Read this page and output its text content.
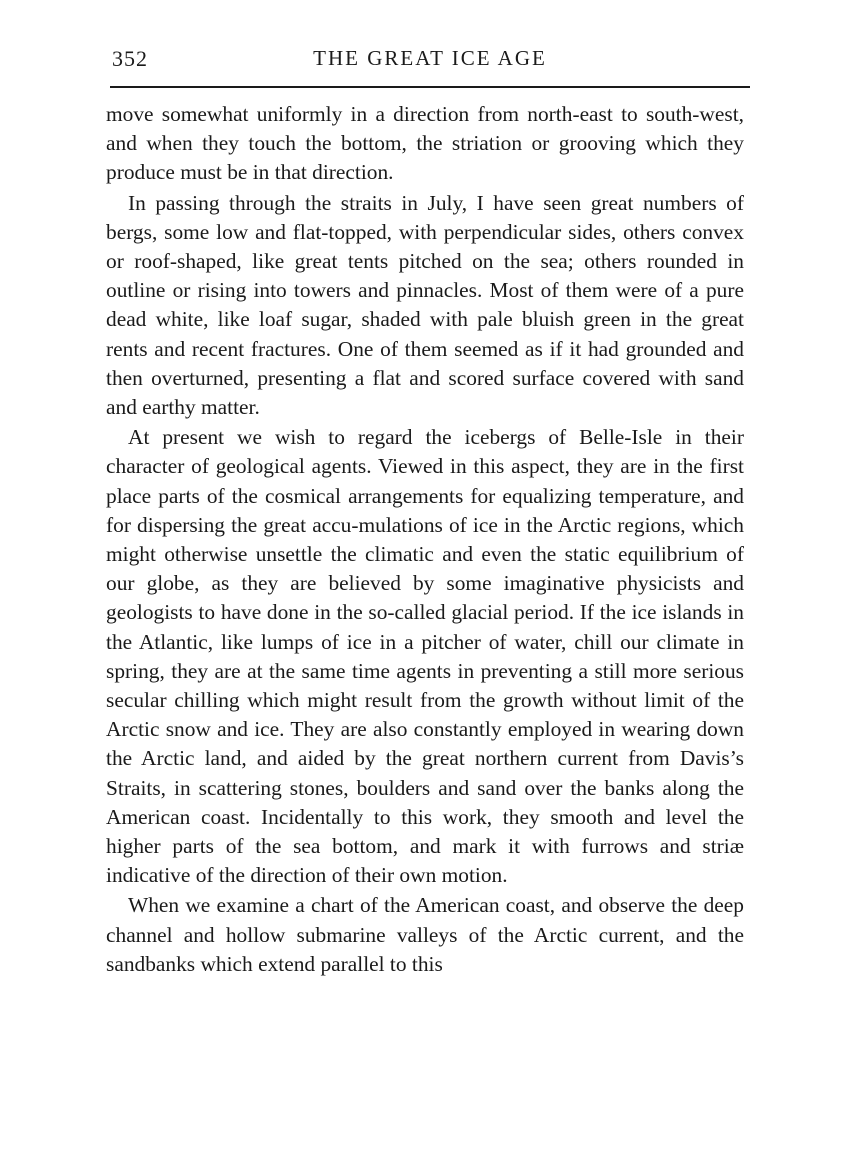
352	THE GREAT ICE AGE

move somewhat uniformly in a direction from north-east to south-west, and when they touch the bottom, the striation or grooving which they produce must be in that direction.

In passing through the straits in July, I have seen great numbers of bergs, some low and flat-topped, with perpendicular sides, others convex or roof-shaped, like great tents pitched on the sea; others rounded in outline or rising into towers and pinnacles. Most of them were of a pure dead white, like loaf sugar, shaded with pale bluish green in the great rents and recent fractures. One of them seemed as if it had grounded and then overturned, presenting a flat and scored surface covered with sand and earthy matter.

At present we wish to regard the icebergs of Belle-Isle in their character of geological agents. Viewed in this aspect, they are in the first place parts of the cosmical arrangements for equalizing temperature, and for dispersing the great accu-mulations of ice in the Arctic regions, which might otherwise unsettle the climatic and even the static equilibrium of our globe, as they are believed by some imaginative physicists and geologists to have done in the so-called glacial period. If the ice islands in the Atlantic, like lumps of ice in a pitcher of water, chill our climate in spring, they are at the same time agents in preventing a still more serious secular chilling which might result from the growth without limit of the Arctic snow and ice. They are also constantly employed in wearing down the Arctic land, and aided by the great northern current from Davis’s Straits, in scattering stones, boulders and sand over the banks along the American coast. Incidentally to this work, they smooth and level the higher parts of the sea bottom, and mark it with furrows and striæ indicative of the direction of their own motion.

When we examine a chart of the American coast, and observe the deep channel and hollow submarine valleys of the Arctic current, and the sandbanks which extend parallel to this
